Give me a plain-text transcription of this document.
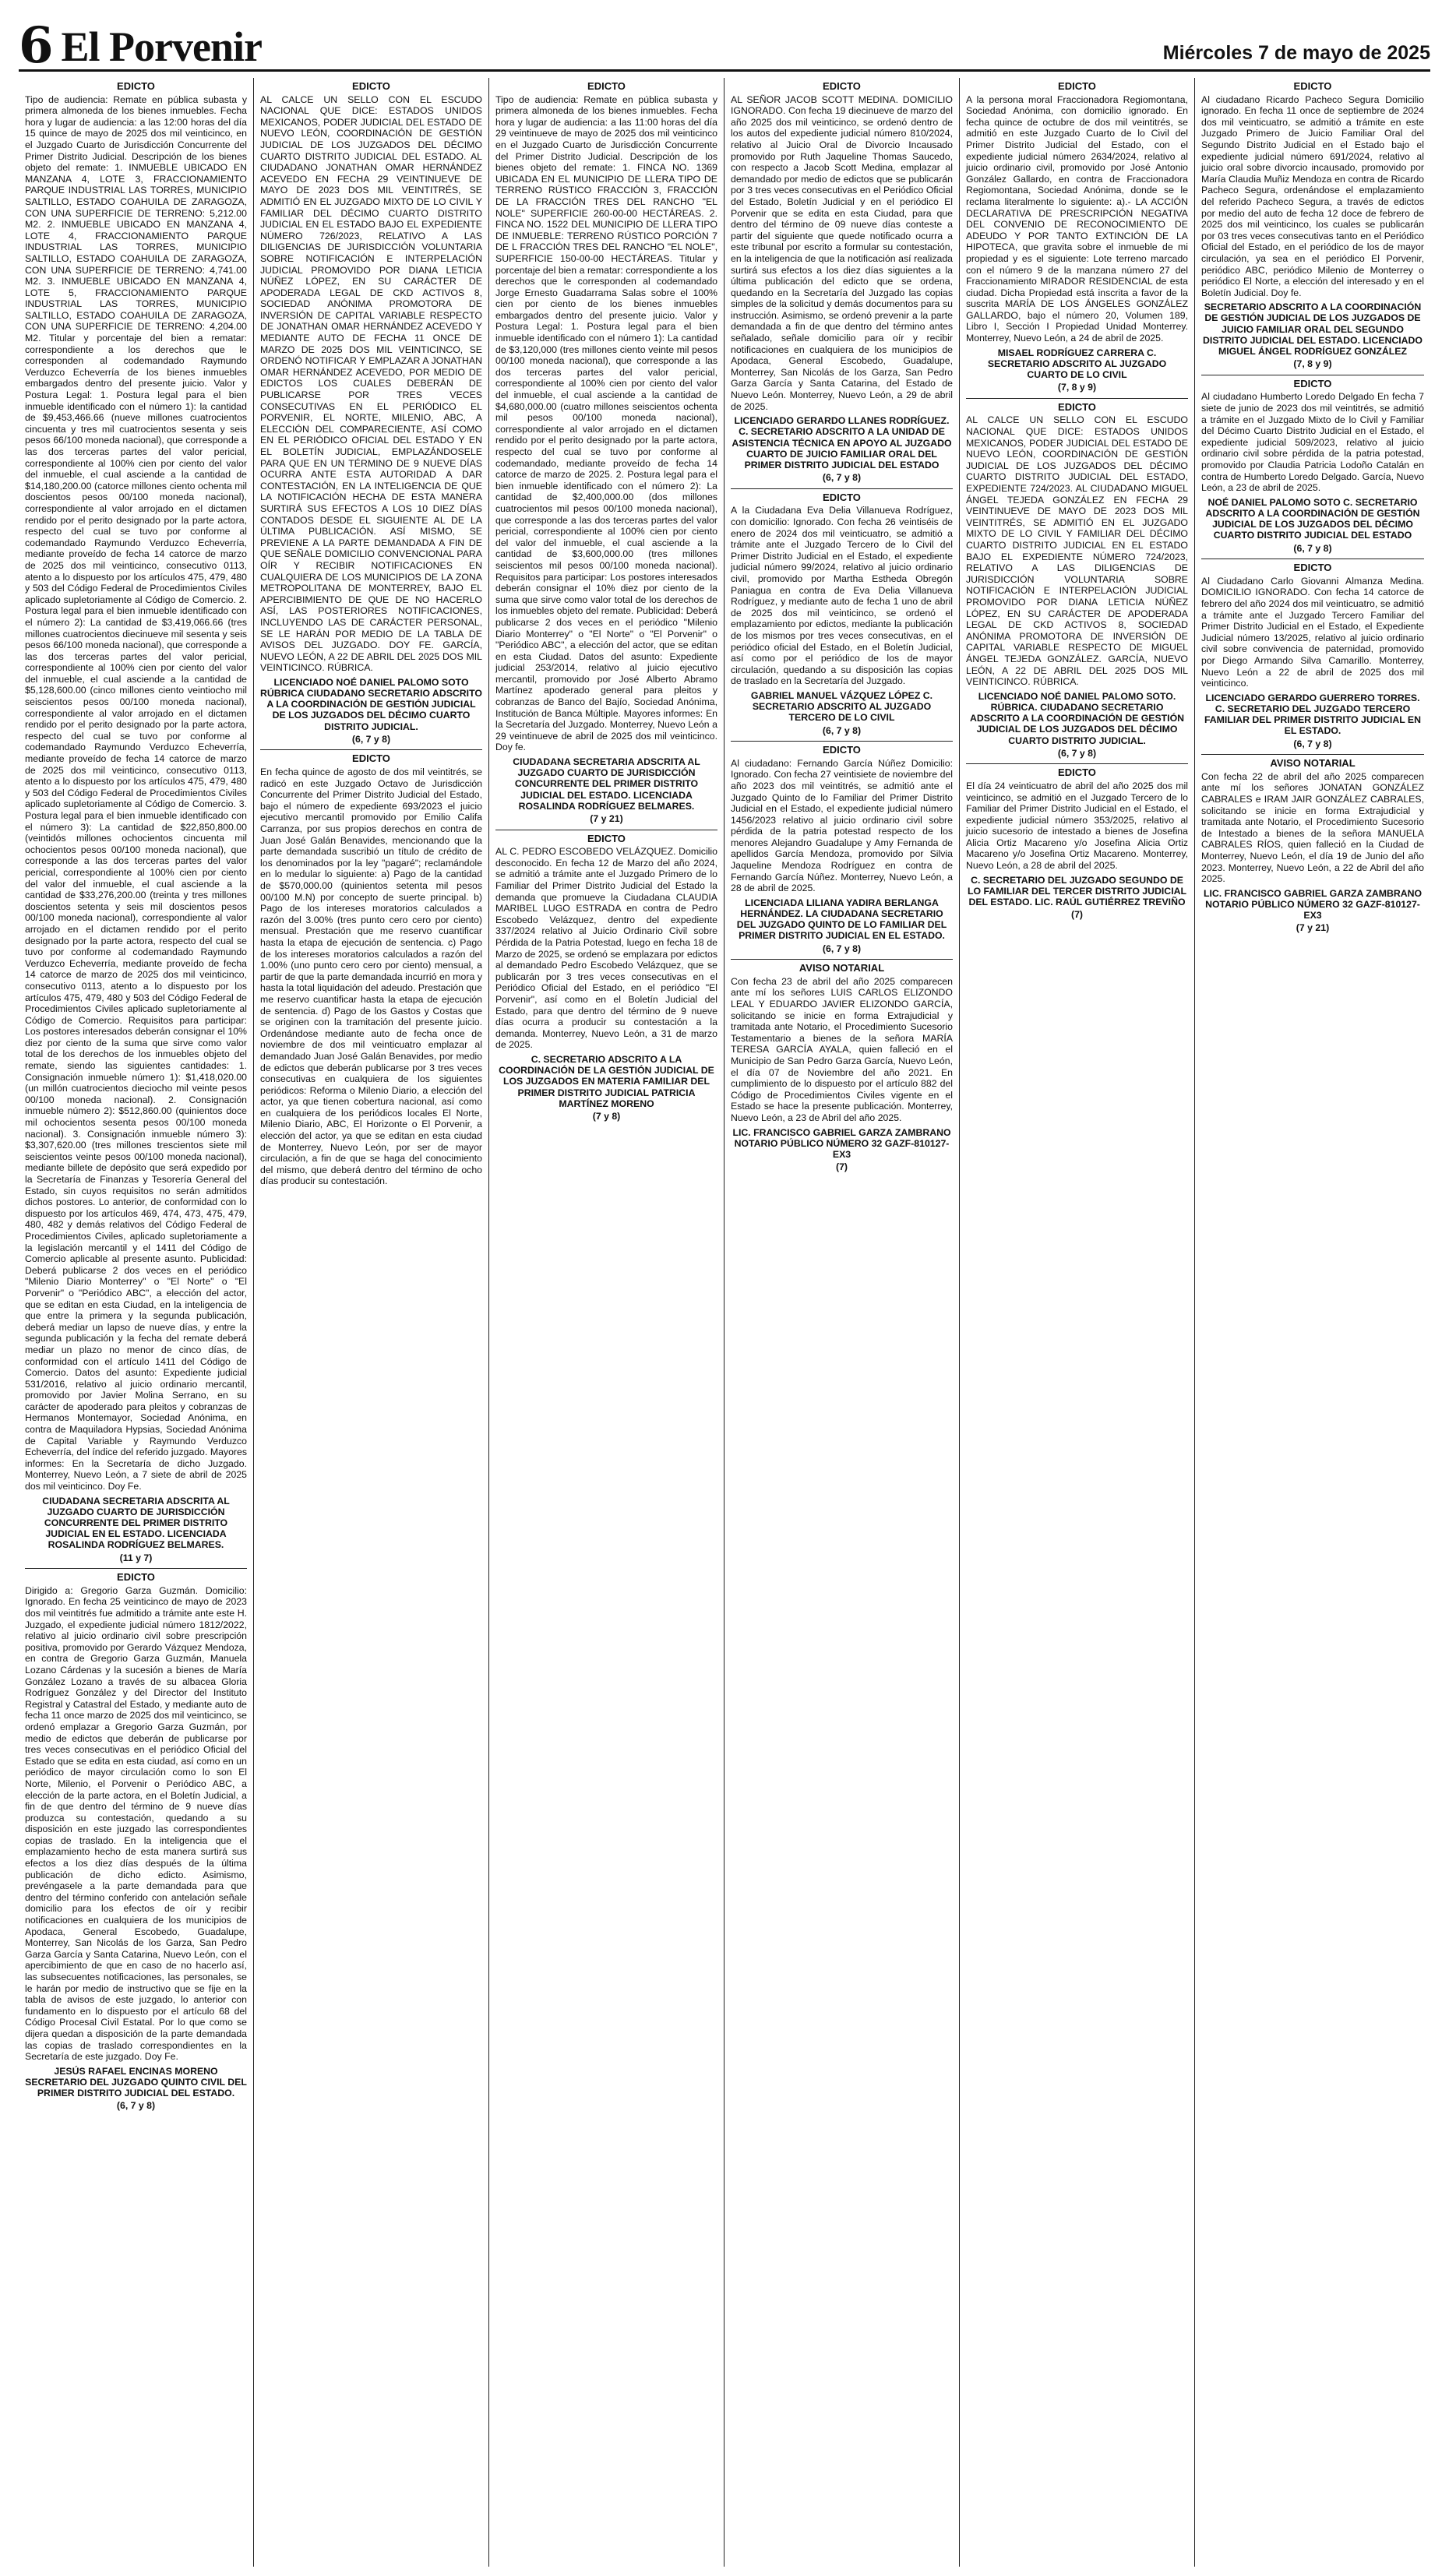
6 El Porvenir	Miércoles 7 de mayo de 2025
EDICTO
Tipo de audiencia: Remate en pública subasta y primera almoneda de los bienes inmuebles. Fecha hora y lugar de audiencia: a las 12:00 horas del día 15 quince de mayo de 2025 dos mil veinticinco, en el Juzgado Cuarto de Jurisdicción Concurrente del Primer Distrito Judicial. Descripción de los bienes objeto del remate: 1. INMUEBLE UBICADO EN MANZANA 4, LOTE 3, FRACCIONAMIENTO PARQUE INDUSTRIAL LAS TORRES, MUNICIPIO SALTILLO, ESTADO COAHUILA DE ZARAGOZA, CON UNA SUPERFICIE DE TERRENO: 5,212.00 M2. 2. INMUEBLE UBICADO EN MANZANA 4, LOTE 4, FRACCIONAMIENTO PARQUE INDUSTRIAL LAS TORRES, MUNICIPIO SALTILLO, ESTADO COAHUILA DE ZARAGOZA, CON UNA SUPERFICIE DE TERRENO: 4,741.00 M2. 3. INMUEBLE UBICADO EN MANZANA 4, LOTE 5, FRACCIONAMIENTO PARQUE INDUSTRIAL LAS TORRES, MUNICIPIO SALTILLO, ESTADO COAHUILA DE ZARAGOZA, CON UNA SUPERFICIE DE TERRENO: 4,204.00 M2. Titular y porcentaje del bien a rematar: correspondiente a los derechos que le corresponden al codemandado Raymundo Verduzco Echeverría de los bienes inmuebles embargados dentro del presente juicio. Valor y Postura Legal: 1. Postura legal para el bien inmueble identificado con el número 1): la cantidad de $9,453,466.66 (nueve millones cuatrocientos cincuenta y tres mil cuatrocientos sesenta y seis pesos 66/100 moneda nacional), que corresponde a las dos terceras partes del valor pericial, correspondiente al 100% cien por ciento del valor del inmueble, el cual asciende a la cantidad de $14,180,200.00 (catorce millones ciento ochenta mil doscientos pesos 00/100 moneda nacional), correspondiente al valor arrojado en el dictamen rendido por el perito designado por la parte actora, respecto del cual se tuvo por conforme al codemandado Raymundo Verduzco Echeverría, mediante proveído de fecha 14 catorce de marzo de 2025 dos mil veinticinco, consecutivo 0113, atento a lo dispuesto por los artículos 475, 479, 480 y 503 del Código Federal de Procedimientos Civiles aplicado supletoriamente al Código de Comercio. 2. Postura legal para el bien inmueble identificado con el número 2): La cantidad de $3,419,066.66 (tres millones cuatrocientos diecinueve mil sesenta y seis pesos 66/100 moneda nacional), que corresponde a las dos terceras partes del valor pericial, correspondiente al 100% cien por ciento del valor del inmueble, el cual asciende a la cantidad de $5,128,600.00 (cinco millones ciento veintiocho mil seiscientos pesos 00/100 moneda nacional), correspondiente al valor arrojado en el dictamen rendido por el perito designado por la parte actora, respecto del cual se tuvo por conforme al codemandado Raymundo Verduzco Echeverría, mediante proveído de fecha 14 catorce de marzo de 2025 dos mil veinticinco, consecutivo 0113, atento a lo dispuesto por los artículos 475, 479, 480 y 503 del Código Federal de Procedimientos Civiles aplicado supletoriamente al Código de Comercio. 3. Postura legal para el bien inmueble identificado con el número 3): La cantidad de $22,850,800.00 (veintidós millones ochocientos cincuenta mil ochocientos pesos 00/100 moneda nacional), que corresponde a las dos terceras partes del valor pericial, correspondiente al 100% cien por ciento del valor del inmueble, el cual asciende a la cantidad de $33,276,200.00 (treinta y tres millones doscientos setenta y seis mil doscientos pesos 00/100 moneda nacional), correspondiente al valor arrojado en el dictamen rendido por el perito designado por la parte actora, respecto del cual se tuvo por conforme al codemandado Raymundo Verduzco Echeverría, mediante proveído de fecha 14 catorce de marzo de 2025 dos mil veinticinco, consecutivo 0113, atento a lo dispuesto por los artículos 475, 479, 480 y 503 del Código Federal de Procedimientos Civiles aplicado supletoriamente al Código de Comercio. Requisitos para participar: Los postores interesados deberán consignar el 10% diez por ciento de la suma que sirve como valor total de los derechos de los inmuebles objeto del remate, siendo las siguientes cantidades: 1. Consignación inmueble número 1): $1,418,020.00 (un millón cuatrocientos dieciocho mil veinte pesos 00/100 moneda nacional). 2. Consignación inmueble número 2): $512,860.00 (quinientos doce mil ochocientos sesenta pesos 00/100 moneda nacional). 3. Consignación inmueble número 3): $3,307,620.00 (tres millones trescientos siete mil seiscientos veinte pesos 00/100 moneda nacional), mediante billete de depósito que será expedido por la Secretaría de Finanzas y Tesorería General del Estado, sin cuyos requisitos no serán admitidos dichos postores. Lo anterior, de conformidad con lo dispuesto por los artículos 469, 474, 473, 475, 479, 480, 482 y demás relativos del Código Federal de Procedimientos Civiles, aplicado supletoriamente a la legislación mercantil y el 1411 del Código de Comercio aplicable al presente asunto. Publicidad: Deberá publicarse 2 dos veces en el periódico "Milenio Diario Monterrey" o "El Norte" o "El Porvenir" o "Periódico ABC", a elección del actor, que se editan en esta Ciudad, en la inteligencia de que entre la primera y la segunda publicación, deberá mediar un lapso de nueve días, y entre la segunda publicación y la fecha del remate deberá mediar un plazo no menor de cinco días, de conformidad con el artículo 1411 del Código de Comercio. Datos del asunto: Expediente judicial 531/2016, relativo al juicio ordinario mercantil, promovido por Javier Molina Serrano, en su carácter de apoderado para pleitos y cobranzas de Hermanos Montemayor, Sociedad Anónima, en contra de Maquiladora Hypsias, Sociedad Anónima de Capital Variable y Raymundo Verduzco Echeverría, del índice del referido juzgado. Mayores informes: En la Secretaría de dicho Juzgado. Monterrey, Nuevo León, a 7 siete de abril de 2025 dos mil veinticinco. Doy Fe.
CIUDADANA SECRETARIA ADSCRITA AL JUZGADO CUARTO DE JURISDICCIÓN CONCURRENTE DEL PRIMER DISTRITO JUDICIAL EN EL ESTADO. LICENCIADA ROSALINDA RODRÍGUEZ BELMARES.
(11 y 7)
EDICTO
Dirigido a: Gregorio Garza Guzmán. Domicilio: Ignorado. En fecha 25 veinticinco de mayo de 2023 dos mil veintitrés fue admitido a trámite ante este H. Juzgado, el expediente judicial número 1812/2022, relativo al juicio ordinario civil sobre prescripción positiva, promovido por Gerardo Vázquez Mendoza, en contra de Gregorio Garza Guzmán, Manuela Lozano Cárdenas y la sucesión a bienes de María González Lozano a través de su albacea Gloria Rodríguez González y del Director del Instituto Registral y Catastral del Estado, y mediante auto de fecha 11 once marzo de 2025 dos mil veinticinco, se ordenó emplazar a Gregorio Garza Guzmán, por medio de edictos que deberán de publicarse por tres veces consecutivas en el periódico Oficial del Estado que se edita en esta ciudad, así como en un periódico de mayor circulación como lo son El Norte, Milenio, el Porvenir o Periódico ABC, a elección de la parte actora, en el Boletín Judicial, a fin de que dentro del término de 9 nueve días produzca su contestación, quedando a su disposición en este juzgado las correspondientes copias de traslado. En la inteligencia que el emplazamiento hecho de esta manera surtirá sus efectos a los diez días después de la última publicación de dicho edicto. Asimismo, prevéngasele a la parte demandada para que dentro del término conferido con antelación señale domicilio para los efectos de oír y recibir notificaciones en cualquiera de los municipios de Apodaca, General Escobedo, Guadalupe, Monterrey, San Nicolás de los Garza, San Pedro Garza García y Santa Catarina, Nuevo León, con el apercibimiento de que en caso de no hacerlo así, las subsecuentes notificaciones, las personales, se le harán por medio de instructivo que se fije en la tabla de avisos de este juzgado, lo anterior con fundamento en lo dispuesto por el artículo 68 del Código Procesal Civil Estatal. Por lo que como se dijera quedan a disposición de la parte demandada las copias de traslado correspondientes en la Secretaría de este juzgado. Doy Fe.
JESÚS RAFAEL ENCINAS MORENO SECRETARIO DEL JUZGADO QUINTO CIVIL DEL PRIMER DISTRITO JUDICIAL DEL ESTADO.
(6, 7 y 8)
EDICTO
AL CALCE UN SELLO CON EL ESCUDO NACIONAL QUE DICE: ESTADOS UNIDOS MEXICANOS, PODER JUDICIAL DEL ESTADO DE NUEVO LEÓN, COORDINACIÓN DE GESTIÓN JUDICIAL DE LOS JUZGADOS DEL DÉCIMO CUARTO DISTRITO JUDICIAL DEL ESTADO. AL CIUDADANO JONATHAN OMAR HERNÁNDEZ ACEVEDO EN FECHA 29 VEINTINUEVE DE MAYO DE 2023 DOS MIL VEINTITRÉS, SE ADMITIÓ EN EL JUZGADO MIXTO DE LO CIVIL Y FAMILIAR DEL DÉCIMO CUARTO DISTRITO JUDICIAL EN EL ESTADO BAJO EL EXPEDIENTE NÚMERO 726/2023, RELATIVO A LAS DILIGENCIAS DE JURISDICCIÓN VOLUNTARIA SOBRE NOTIFICACIÓN E INTERPELACIÓN JUDICIAL PROMOVIDO POR DIANA LETICIA NÚÑEZ LÓPEZ, EN SU CARÁCTER DE APODERADA LEGAL DE CKD ACTIVOS 8, SOCIEDAD ANÓNIMA PROMOTORA DE INVERSIÓN DE CAPITAL VARIABLE RESPECTO DE JONATHAN OMAR HERNÁNDEZ ACEVEDO Y MEDIANTE AUTO DE FECHA 11 ONCE DE MARZO DE 2025 DOS MIL VEINTICINCO, SE ORDENÓ NOTIFICAR Y EMPLAZAR A JONATHAN OMAR HERNÁNDEZ ACEVEDO, POR MEDIO DE EDICTOS LOS CUALES DEBERÁN DE PUBLICARSE POR TRES VECES CONSECUTIVAS EN EL PERIÓDICO EL PORVENIR, EL NORTE, MILENIO, ABC, A ELECCIÓN DEL COMPARECIENTE, ASÍ COMO EN EL PERIÓDICO OFICIAL DEL ESTADO Y EN EL BOLETÍN JUDICIAL, EMPLAZÁNDOSELE PARA QUE EN UN TÉRMINO DE 9 NUEVE DÍAS OCURRA ANTE ESTA AUTORIDAD A DAR CONTESTACIÓN, EN LA INTELIGENCIA DE QUE LA NOTIFICACIÓN HECHA DE ESTA MANERA SURTIRÁ SUS EFECTOS A LOS 10 DIEZ DÍAS CONTADOS DESDE EL SIGUIENTE AL DE LA ÚLTIMA PUBLICACIÓN. ASÍ MISMO, SE PREVIENE A LA PARTE DEMANDADA A FIN DE QUE SEÑALE DOMICILIO CONVENCIONAL PARA OÍR Y RECIBIR NOTIFICACIONES EN CUALQUIERA DE LOS MUNICIPIOS DE LA ZONA METROPOLITANA DE MONTERREY, BAJO EL APERCIBIMIENTO DE QUE DE NO HACERLO ASÍ, LAS POSTERIORES NOTIFICACIONES, INCLUYENDO LAS DE CARÁCTER PERSONAL, SE LE HARÁN POR MEDIO DE LA TABLA DE AVISOS DEL JUZGADO. DOY FE. GARCÍA, NUEVO LEÓN, A 22 DE ABRIL DEL 2025 DOS MIL VEINTICINCO. RÚBRICA.
LICENCIADO NOÉ DANIEL PALOMO SOTO RÚBRICA CIUDADANO SECRETARIO ADSCRITO A LA COORDINACIÓN DE GESTIÓN JUDICIAL DE LOS JUZGADOS DEL DÉCIMO CUARTO DISTRITO JUDICIAL.
(6, 7 y 8)
EDICTO
En fecha quince de agosto de dos mil veintitrés, se radicó en este Juzgado Octavo de Jurisdicción Concurrente del Primer Distrito Judicial del Estado, bajo el número de expediente 693/2023 el juicio ejecutivo mercantil promovido por Emilio Califa Carranza, por sus propios derechos en contra de Juan José Galán Benavides, mencionando que la parte demandada suscribió un título de crédito de los denominados por la ley "pagaré"; reclamándole en lo medular lo siguiente: a) Pago de la cantidad de $570,000.00 (quinientos setenta mil pesos 00/100 M.N) por concepto de suerte principal. b) Pago de los intereses moratorios calculados a razón del 3.00% (tres punto cero cero por ciento) mensual. Prestación que me reservo cuantificar hasta la etapa de ejecución de sentencia. c) Pago de los intereses moratorios calculados a razón del 1.00% (uno punto cero cero por ciento) mensual, a partir de que la parte demandada incurrió en mora y hasta la total liquidación del adeudo. Prestación que me reservo cuantificar hasta la etapa de ejecución de sentencia. d) Pago de los Gastos y Costas que se originen con la tramitación del presente juicio. Ordenándose mediante auto de fecha once de noviembre de dos mil veinticuatro emplazar al demandado Juan José Galán Benavides, por medio de edictos que deberán publicarse por 3 tres veces consecutivas en cualquiera de los siguientes periódicos: Reforma o Milenio Diario, a elección del actor, ya que tienen cobertura nacional, así como en cualquiera de los periódicos locales El Norte, Milenio Diario, ABC, El Horizonte o El Porvenir, a elección del actor, ya que se editan en esta ciudad de Monterrey, Nuevo León, por ser de mayor circulación, a fin de que se haga del conocimiento del mismo, que deberá dentro del término de ocho días producir su contestación.
EDICTO
Tipo de audiencia: Remate en pública subasta y primera almoneda de los bienes inmuebles. Fecha hora y lugar de audiencia: a las 11:00 horas del día 29 veintinueve de mayo de 2025 dos mil veinticinco en el Juzgado Cuarto de Jurisdicción Concurrente del Primer Distrito Judicial. Descripción de los bienes objeto del remate: 1. FINCA NO. 1369 UBICADA EN EL MUNICIPIO DE LLERA TIPO DE TERRENO RÚSTICO FRACCIÓN 3, FRACCIÓN DE LA FRACCIÓN TRES DEL RANCHO "EL NOLE" SUPERFICIE 260-00-00 HECTÁREAS. 2. FINCA NO. 1522 DEL MUNICIPIO DE LLERA TIPO DE INMUEBLE: TERRENO RÚSTICO PORCIÓN 7 DE L FRACCIÓN TRES DEL RANCHO "EL NOLE", SUPERFICIE 150-00-00 HECTÁREAS. Titular y porcentaje del bien a rematar: correspondiente a los derechos que le corresponden al codemandado Jorge Ernesto Guadarrama Salas sobre el 100% cien por ciento de los bienes inmuebles embargados dentro del presente juicio. Valor y Postura Legal: 1. Postura legal para el bien inmueble identificado con el número 1): La cantidad de $3,120,000 (tres millones ciento veinte mil pesos 00/100 moneda nacional), que corresponde a las dos terceras partes del valor pericial, correspondiente al 100% cien por ciento del valor del inmueble, el cual asciende a la cantidad de $4,680,000.00 (cuatro millones seiscientos ochenta mil pesos 00/100 moneda nacional), correspondiente al valor arrojado en el dictamen rendido por el perito designado por la parte actora, respecto del cual se tuvo por conforme al codemandado, mediante proveído de fecha 14 catorce de marzo de 2025. 2. Postura legal para el bien inmueble identificado con el número 2): La cantidad de $2,400,000.00 (dos millones cuatrocientos mil pesos 00/100 moneda nacional), que corresponde a las dos terceras partes del valor pericial, correspondiente al 100% cien por ciento del valor del inmueble, el cual asciende a la cantidad de $3,600,000.00 (tres millones seiscientos mil pesos 00/100 moneda nacional). Requisitos para participar: Los postores interesados deberán consignar el 10% diez por ciento de la suma que sirve como valor total de los derechos de los inmuebles objeto del remate. Publicidad: Deberá publicarse 2 dos veces en el periódico "Milenio Diario Monterrey" o "El Norte" o "El Porvenir" o "Periódico ABC", a elección del actor, que se editan en esta Ciudad. Datos del asunto: Expediente judicial 253/2014, relativo al juicio ejecutivo mercantil, promovido por José Alberto Abramo Martínez apoderado general para pleitos y cobranzas de Banco del Bajío, Sociedad Anónima, Institución de Banca Múltiple. Mayores informes: En la Secretaría del Juzgado. Monterrey, Nuevo León a 29 veintinueve de abril de 2025 dos mil veinticinco. Doy fe.
CIUDADANA SECRETARIA ADSCRITA AL JUZGADO CUARTO DE JURISDICCIÓN CONCURRENTE DEL PRIMER DISTRITO JUDICIAL DEL ESTADO. LICENCIADA ROSALINDA RODRÍGUEZ BELMARES.
(7 y 21)
EDICTO
AL C. PEDRO ESCOBEDO VELÁZQUEZ. Domicilio desconocido. En fecha 12 de Marzo del año 2024, se admitió a trámite ante el Juzgado Primero de lo Familiar del Primer Distrito Judicial del Estado la demanda que promueve la Ciudadana CLAUDIA MARIBEL LUGO ESTRADA en contra de Pedro Escobedo Velázquez, dentro del expediente 337/2024 relativo al Juicio Ordinario Civil sobre Pérdida de la Patria Potestad, luego en fecha 18 de Marzo de 2025, se ordenó se emplazara por edictos al demandado Pedro Escobedo Velázquez, que se publicarán por 3 tres veces consecutivas en el Periódico Oficial del Estado, en el periódico "El Porvenir", así como en el Boletín Judicial del Estado, para que dentro del término de 9 nueve días ocurra a producir su contestación a la demanda. Monterrey, Nuevo León, a 31 de marzo de 2025.
C. SECRETARIO ADSCRITO A LA COORDINACIÓN DE LA GESTIÓN JUDICIAL DE LOS JUZGADOS EN MATERIA FAMILIAR DEL PRIMER DISTRITO JUDICIAL PATRICIA MARTÍNEZ MORENO
(7 y 8)
EDICTO
AL SEÑOR JACOB SCOTT MEDINA. DOMICILIO IGNORADO. Con fecha 19 diecinueve de marzo del año 2025 dos mil veinticinco, se ordenó dentro de los autos del expediente judicial número 810/2024, relativo al Juicio Oral de Divorcio Incausado promovido por Ruth Jaqueline Thomas Saucedo, con respecto a Jacob Scott Medina, emplazar al demandado por medio de edictos que se publicarán por 3 tres veces consecutivas en el Periódico Oficial del Estado, Boletín Judicial y en el periódico El Porvenir que se edita en esta Ciudad, para que dentro del término de 09 nueve días conteste a partir del siguiente que quede notificado ocurra a este tribunal por escrito a formular su contestación, en la inteligencia de que la notificación así realizada surtirá sus efectos a los diez días siguientes a la última publicación del edicto que se ordena, quedando en la Secretaría del Juzgado las copias simples de la solicitud y demás documentos para su instrucción. Asimismo, se ordenó prevenir a la parte demandada a fin de que dentro del término antes señalado, señale domicilio para oír y recibir notificaciones en cualquiera de los municipios de Apodaca, General Escobedo, Guadalupe, Monterrey, San Nicolás de los Garza, San Pedro Garza García y Santa Catarina, del Estado de Nuevo León. Monterrey, Nuevo León, a 29 de abril de 2025.
LICENCIADO GERARDO LLANES RODRÍGUEZ. C. SECRETARIO ADSCRITO A LA UNIDAD DE ASISTENCIA TÉCNICA EN APOYO AL JUZGADO CUARTO DE JUICIO FAMILIAR ORAL DEL PRIMER DISTRITO JUDICIAL DEL ESTADO
(6, 7 y 8)
EDICTO
A la Ciudadana Eva Delia Villanueva Rodríguez, con domicilio: Ignorado. Con fecha 26 veintiséis de enero de 2024 dos mil veinticuatro, se admitió a trámite ante el Juzgado Tercero de lo Civil del Primer Distrito Judicial en el Estado, el expediente judicial número 99/2024, relativo al juicio ordinario civil, promovido por Martha Estheda Obregón Paniagua en contra de Eva Delia Villanueva Rodríguez, y mediante auto de fecha 1 uno de abril de 2025 dos mil veinticinco, se ordenó el emplazamiento por edictos, mediante la publicación de los mismos por tres veces consecutivas, en el periódico oficial del Estado, en el Boletín Judicial, así como por el periódico de los de mayor circulación, quedando a su disposición las copias de traslado en la Secretaría del Juzgado.
GABRIEL MANUEL VÁZQUEZ LÓPEZ C. SECRETARIO ADSCRITO AL JUZGADO TERCERO DE LO CIVIL
(6, 7 y 8)
EDICTO
Al ciudadano: Fernando García Núñez Domicilio: Ignorado. Con fecha 27 veintisiete de noviembre del año 2023 dos mil veintitrés, se admitió ante el Juzgado Quinto de lo Familiar del Primer Distrito Judicial en el Estado, el expediente judicial número 1456/2023 relativo al juicio ordinario civil sobre pérdida de la patria potestad respecto de los menores Alejandro Guadalupe y Amy Fernanda de apellidos García Mendoza, promovido por Silvia Jaqueline Mendoza Rodríguez en contra de Fernando García Núñez. Monterrey, Nuevo León, a 28 de abril de 2025.
LICENCIADA LILIANA YADIRA BERLANGA HERNÁNDEZ. LA CIUDADANA SECRETARIO DEL JUZGADO QUINTO DE LO FAMILIAR DEL PRIMER DISTRITO JUDICIAL EN EL ESTADO.
(6, 7 y 8)
AVISO NOTARIAL
Con fecha 23 de abril del año 2025 comparecen ante mí los señores LUIS CARLOS ELIZONDO LEAL Y EDUARDO JAVIER ELIZONDO GARCÍA, solicitando se inicie en forma Extrajudicial y tramitada ante Notario, el Procedimiento Sucesorio Testamentario a bienes de la señora MARÍA TERESA GARCÍA AYALA, quien falleció en el Municipio de San Pedro Garza García, Nuevo León, el día 07 de Noviembre del año 2021. En cumplimiento de lo dispuesto por el artículo 882 del Código de Procedimientos Civiles vigente en el Estado se hace la presente publicación. Monterrey, Nuevo León, a 23 de Abril del año 2025.
LIC. FRANCISCO GABRIEL GARZA ZAMBRANO NOTARIO PÚBLICO NÚMERO 32 GAZF-810127-EX3
(7)
EDICTO
A la persona moral Fraccionadora Regiomontana, Sociedad Anónima, con domicilio ignorado. En fecha quince de octubre de dos mil veintitrés, se admitió en este Juzgado Cuarto de lo Civil del Primer Distrito Judicial del Estado, con el expediente judicial número 2634/2024, relativo al juicio ordinario civil, promovido por José Antonio González Gallardo, en contra de Fraccionadora Regiomontana, Sociedad Anónima, donde se le reclama literalmente lo siguiente: a).- LA ACCIÓN DECLARATIVA DE PRESCRIPCIÓN NEGATIVA DEL CONVENIO DE RECONOCIMIENTO DE ADEUDO Y POR TANTO EXTINCIÓN DE LA HIPOTECA, que gravita sobre el inmueble de mi propiedad y es el siguiente: Lote terreno marcado con el número 9 de la manzana número 27 del Fraccionamiento MIRADOR RESIDENCIAL de esta ciudad. Dicha Propiedad está inscrita a favor de la suscrita MARÍA DE LOS ÁNGELES GONZÁLEZ GALLARDO, bajo el número 20, Volumen 189, Libro I, Sección I Propiedad Unidad Monterrey. Monterrey, Nuevo León, a 24 de abril de 2025.
MISAEL RODRÍGUEZ CARRERA C. SECRETARIO ADSCRITO AL JUZGADO CUARTO DE LO CIVIL
(7, 8 y 9)
EDICTO
AL CALCE UN SELLO CON EL ESCUDO NACIONAL QUE DICE: ESTADOS UNIDOS MEXICANOS, PODER JUDICIAL DEL ESTADO DE NUEVO LEÓN, COORDINACIÓN DE GESTIÓN JUDICIAL DE LOS JUZGADOS DEL DÉCIMO CUARTO DISTRITO JUDICIAL DEL ESTADO, EXPEDIENTE 724/2023. AL CIUDADANO MIGUEL ÁNGEL TEJEDA GONZÁLEZ EN FECHA 29 VEINTINUEVE DE MAYO DE 2023 DOS MIL VEINTITRÉS, SE ADMITIÓ EN EL JUZGADO MIXTO DE LO CIVIL Y FAMILIAR DEL DÉCIMO CUARTO DISTRITO JUDICIAL EN EL ESTADO BAJO EL EXPEDIENTE NÚMERO 724/2023, RELATIVO A LAS DILIGENCIAS DE JURISDICCIÓN VOLUNTARIA SOBRE NOTIFICACIÓN E INTERPELACIÓN JUDICIAL PROMOVIDO POR DIANA LETICIA NÚÑEZ LÓPEZ, EN SU CARÁCTER DE APODERADA LEGAL DE CKD ACTIVOS 8, SOCIEDAD ANÓNIMA PROMOTORA DE INVERSIÓN DE CAPITAL VARIABLE RESPECTO DE MIGUEL ÁNGEL TEJEDA GONZÁLEZ. GARCÍA, NUEVO LEÓN, A 22 DE ABRIL DEL 2025 DOS MIL VEINTICINCO. RÚBRICA.
LICENCIADO NOÉ DANIEL PALOMO SOTO. RÚBRICA. CIUDADANO SECRETARIO ADSCRITO A LA COORDINACIÓN DE GESTIÓN JUDICIAL DE LOS JUZGADOS DEL DÉCIMO CUARTO DISTRITO JUDICIAL.
(6, 7 y 8)
EDICTO
El día 24 veinticuatro de abril del año 2025 dos mil veinticinco, se admitió en el Juzgado Tercero de lo Familiar del Primer Distrito Judicial en el Estado, el expediente judicial número 353/2025, relativo al juicio sucesorio de intestado a bienes de Josefina Alicia Ortiz Macareno y/o Josefina Alicia Ortiz Macareno y/o Josefina Ortiz Macareno. Monterrey, Nuevo León, a 28 de abril del 2025.
C. SECRETARIO DEL JUZGADO SEGUNDO DE LO FAMILIAR DEL TERCER DISTRITO JUDICIAL DEL ESTADO. LIC. RAÚL GUTIÉRREZ TREVIÑO
(7)
EDICTO
Al ciudadano Ricardo Pacheco Segura Domicilio ignorado. En fecha 11 once de septiembre de 2024 dos mil veinticuatro, se admitió a trámite en este Juzgado Primero de Juicio Familiar Oral del Segundo Distrito Judicial en el Estado bajo el expediente judicial número 691/2024, relativo al juicio oral sobre divorcio incausado, promovido por María Claudia Muñiz Mendoza en contra de Ricardo Pacheco Segura, ordenándose el emplazamiento del referido Pacheco Segura, a través de edictos por medio del auto de fecha 12 doce de febrero de 2025 dos mil veinticinco, los cuales se publicarán por 03 tres veces consecutivas tanto en el Periódico Oficial del Estado, en el periódico de los de mayor circulación, ya sea en el periódico El Porvenir, periódico ABC, periódico Milenio de Monterrey o periódico El Norte, a elección del interesado y en el Boletín Judicial. Doy fe.
SECRETARIO ADSCRITO A LA COORDINACIÓN DE GESTIÓN JUDICIAL DE LOS JUZGADOS DE JUICIO FAMILIAR ORAL DEL SEGUNDO DISTRITO JUDICIAL DEL ESTADO. LICENCIADO MIGUEL ÁNGEL RODRÍGUEZ GONZÁLEZ
(7, 8 y 9)
EDICTO
Al ciudadano Humberto Loredo Delgado En fecha 7 siete de junio de 2023 dos mil veintitrés, se admitió a trámite en el Juzgado Mixto de lo Civil y Familiar del Décimo Cuarto Distrito Judicial en el Estado, el expediente judicial 509/2023, relativo al juicio ordinario civil sobre pérdida de la patria potestad, promovido por Claudia Patricia Lodoño Catalán en contra de Humberto Loredo Delgado. García, Nuevo León, a 23 de abril de 2025.
NOÉ DANIEL PALOMO SOTO C. SECRETARIO ADSCRITO A LA COORDINACIÓN DE GESTIÓN JUDICIAL DE LOS JUZGADOS DEL DÉCIMO CUARTO DISTRITO JUDICIAL DEL ESTADO
(6, 7 y 8)
EDICTO
Al Ciudadano Carlo Giovanni Almanza Medina. DOMICILIO IGNORADO. Con fecha 14 catorce de febrero del año 2024 dos mil veinticuatro, se admitió a trámite ante el Juzgado Tercero Familiar del Primer Distrito Judicial en el Estado, el Expediente Judicial número 13/2025, relativo al juicio ordinario civil sobre convivencia de paternidad, promovido por Diego Armando Silva Camarillo. Monterrey, Nuevo León a 22 de abril de 2025 dos mil veinticinco.
LICENCIADO GERARDO GUERRERO TORRES. C. SECRETARIO DEL JUZGADO TERCERO FAMILIAR DEL PRIMER DISTRITO JUDICIAL EN EL ESTADO.
(6, 7 y 8)
AVISO NOTARIAL
Con fecha 22 de abril del año 2025 comparecen ante mí los señores JONATAN GONZÁLEZ CABRALES e IRAM JAIR GONZÁLEZ CABRALES, solicitando se inicie en forma Extrajudicial y tramitada ante Notario, el Procedimiento Sucesorio de Intestado a bienes de la señora MANUELA CABRALES RÍOS, quien falleció en la Ciudad de Monterrey, Nuevo León, el día 19 de Junio del año 2023. Monterrey, Nuevo León, a 22 de Abril del año 2025.
LIC. FRANCISCO GABRIEL GARZA ZAMBRANO NOTARIO PÚBLICO NÚMERO 32 GAZF-810127-EX3
(7 y 21)
